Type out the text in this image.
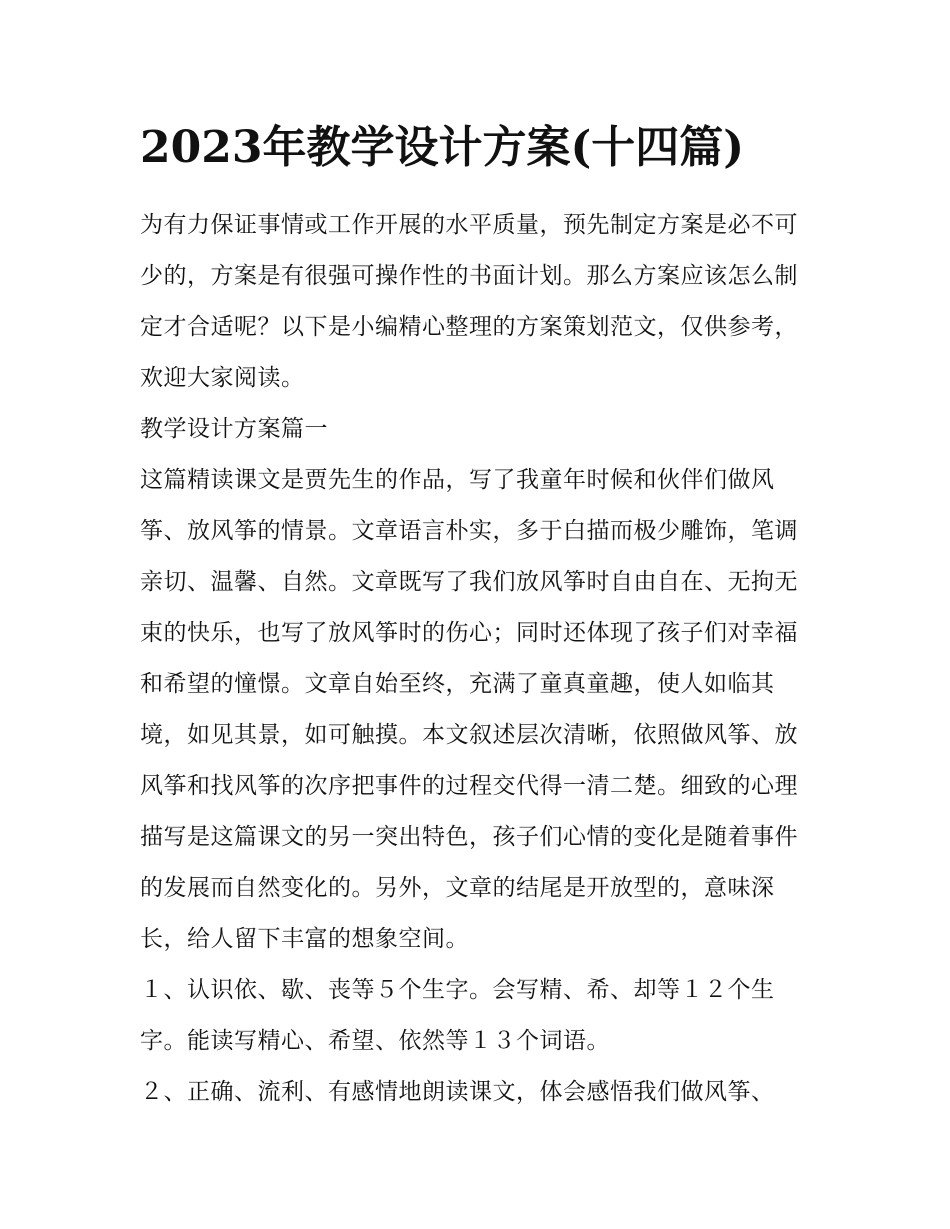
2023年教学设计方案(十四篇)

为有力保证事情或工作开展的水平质量，预先制定方案是必不可少的，方案是有很强可操作性的书面计划。那么方案应该怎么制定才合适呢？以下是小编精心整理的方案策划范文，仅供参考，欢迎大家阅读。

教学设计方案篇一

这篇精读课文是贾先生的作品，写了我童年时候和伙伴们做风筝、放风筝的情景。文章语言朴实，多于白描而极少雕饰，笔调亲切、温馨、自然。文章既写了我们放风筝时自由自在、无拘无束的快乐，也写了放风筝时的伤心；同时还体现了孩子们对幸福和希望的憧憬。文章自始至终，充满了童真童趣，使人如临其境，如见其景，如可触摸。本文叙述层次清晰，依照做风筝、放风筝和找风筝的次序把事件的过程交代得一清二楚。细致的心理描写是这篇课文的另一突出特色，孩子们心情的变化是随着事件的发展而自然变化的。另外，文章的结尾是开放型的，意味深长，给人留下丰富的想象空间。

１、认识依、歇、丧等５个生字。会写精、希、却等１２个生字。能读写精心、希望、依然等１３个词语。

２、正确、流利、有感情地朗读课文，体会感悟我们做风筝、
